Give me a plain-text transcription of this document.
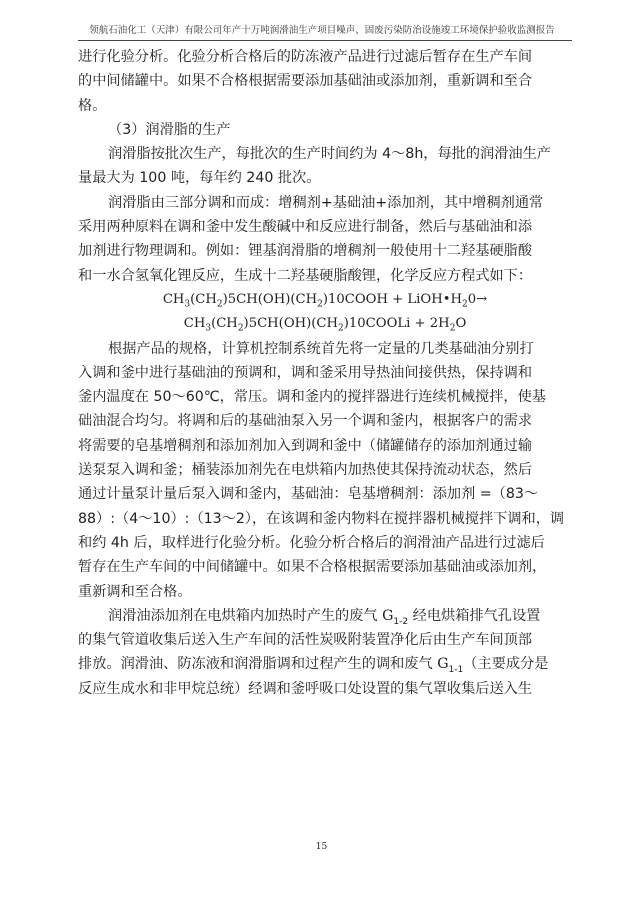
领航石油化工（天津）有限公司年产十万吨润滑油生产项目噪声、固废污染防治设施竣工环境保护验收监测报告
进行化验分析。化验分析合格后的防冻液产品进行过滤后暂存在生产车间
的中间储罐中。如果不合格根据需要添加基础油或添加剂，重新调和至合
格。
（3）润滑脂的生产
润滑脂按批次生产，每批次的生产时间约为 4～8h，每批的润滑油生产
量最大为 100 吨，每年约 240 批次。
润滑脂由三部分调和而成：增稠剂+基础油+添加剂，其中增稠剂通常
采用两种原料在调和釜中发生酸碱中和反应进行制备，然后与基础油和添
加剂进行物理调和。例如：锂基润滑脂的增稠剂一般使用十二羟基硬脂酸
和一水合氢氧化锂反应，生成十二羟基硬脂酸锂，化学反应方程式如下：
$CH_3(CH_2)5CH(OH)(CH_2)10COOH$ + $LiOH•H_20\to$
$CH_3(CH_2)5CH(OH)(CH_2)10COOLi + 2H_2O$
根据产品的规格，计算机控制系统首先将一定量的几类基础油分别打
入调和釜中进行基础油的预调和，调和釜采用导热油间接供热，保持调和
釜内温度在 50～60℃，常压。调和釜内的搅拌器进行连续机械搅拌，使基
础油混合均匀。将调和后的基础油泵入另一个调和釜内，根据客户的需求
将需要的皂基增稠剂和添加剂加入到调和釜中（储罐储存的添加剂通过输
送泵泵入调和釜；桶装添加剂先在电烘箱内加热使其保持流动状态，然后
通过计量泵计量后泵入调和釜内，基础油：皂基增稠剂：添加剂 =（83～
88）:（4～10）:（13～2），在该调和釜内物料在搅拌器机械搅拌下调和，调
和约 4h 后，取样进行化验分析。化验分析合格后的润滑油产品进行过滤后
暂存在生产车间的中间储罐中。如果不合格根据需要添加基础油或添加剂，
重新调和至合格。
润滑油添加剂在电烘箱内加热时产生的废气 $G_{1-2}$ 经电烘箱排气孔设置
的集气管道收集后送入生产车间的活性炭吸附装置净化后由生产车间顶部
排放。润滑油、防冻液和润滑脂调和过程产生的调和废气 $G_{1-1}$（主要成分是
反应生成水和非甲烷总统）经调和釜呼吸口处设置的集气罩收集后送入生
15
